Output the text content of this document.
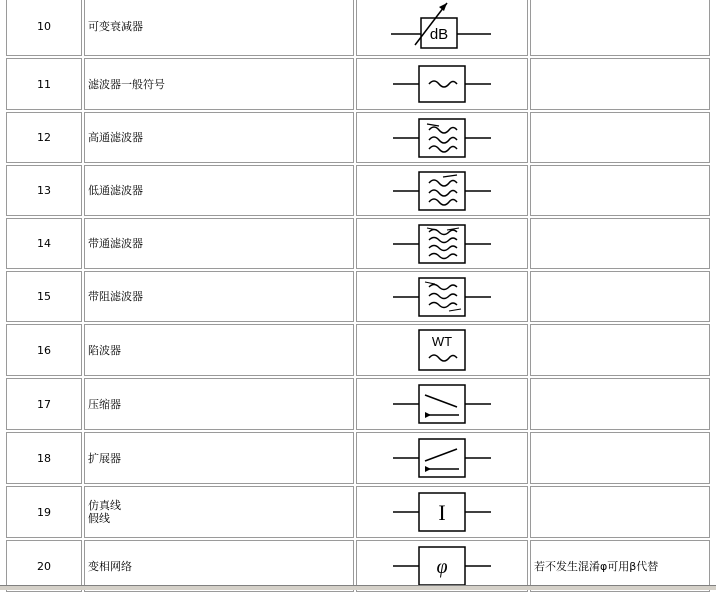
10	可变衰减器	dB	

11	滤波器一般符号

12	高通滤波器

13	低通滤波器

14	带通滤波器

15	带阻滤波器

16	陷波器	WT	

17	压缩器

18	扩展器

19	仿真线
假线	I	

20	变相网络	φ	若不发生混淆φ可用β代替
